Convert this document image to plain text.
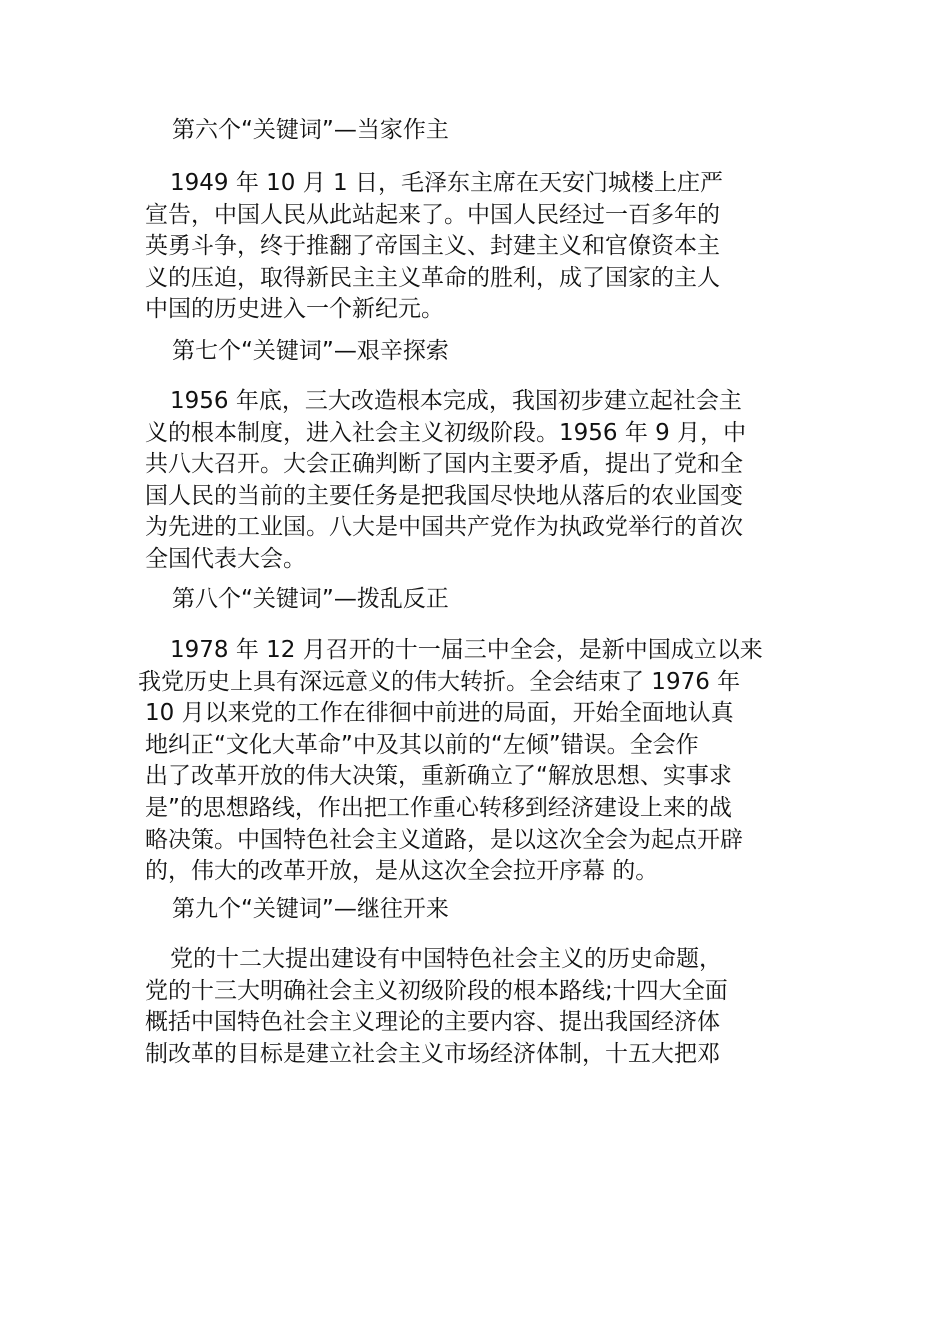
第六个“关键词”—当家作主
1949 年 10 月 1 日，毛泽东主席在天安门城楼上庄严
宣告，中国人民从此站起来了。中国人民经过一百多年的
英勇斗争，终于推翻了帝国主义、封建主义和官僚资本主
义的压迫，取得新民主主义革命的胜利，成了国家的主人
中国的历史进入一个新纪元。
第七个“关键词”—艰辛探索
1956 年底，三大改造根本完成，我国初步建立起社会主
义的根本制度，进入社会主义初级阶段。1956 年 9 月，中
共八大召开。大会正确判断了国内主要矛盾，提出了党和全
国人民的当前的主要任务是把我国尽快地从落后的农业国变
为先进的工业国。八大是中国共产党作为执政党举行的首次
全国代表大会。
第八个“关键词”—拨乱反正
1978 年 12 月召开的十一届三中全会，是新中国成立以来
我党历史上具有深远意义的伟大转折。全会结束了 1976 年
10 月以来党的工作在徘徊中前进的局面，开始全面地认真
地纠正“文化大革命”中及其以前的“左倾”错误。全会作
出了改革开放的伟大决策，重新确立了“解放思想、实事求
是”的思想路线，作出把工作重心转移到经济建设上来的战
略决策。中国特色社会主义道路，是以这次全会为起点开辟
的，伟大的改革开放，是从这次全会拉开序幕 的。
第九个“关键词”—继往开来
党的十二大提出建设有中国特色社会主义的历史命题，
党的十三大明确社会主义初级阶段的根本路线;十四大全面
概括中国特色社会主义理论的主要内容、提出我国经济体
制改革的目标是建立社会主义市场经济体制，十五大把邓
